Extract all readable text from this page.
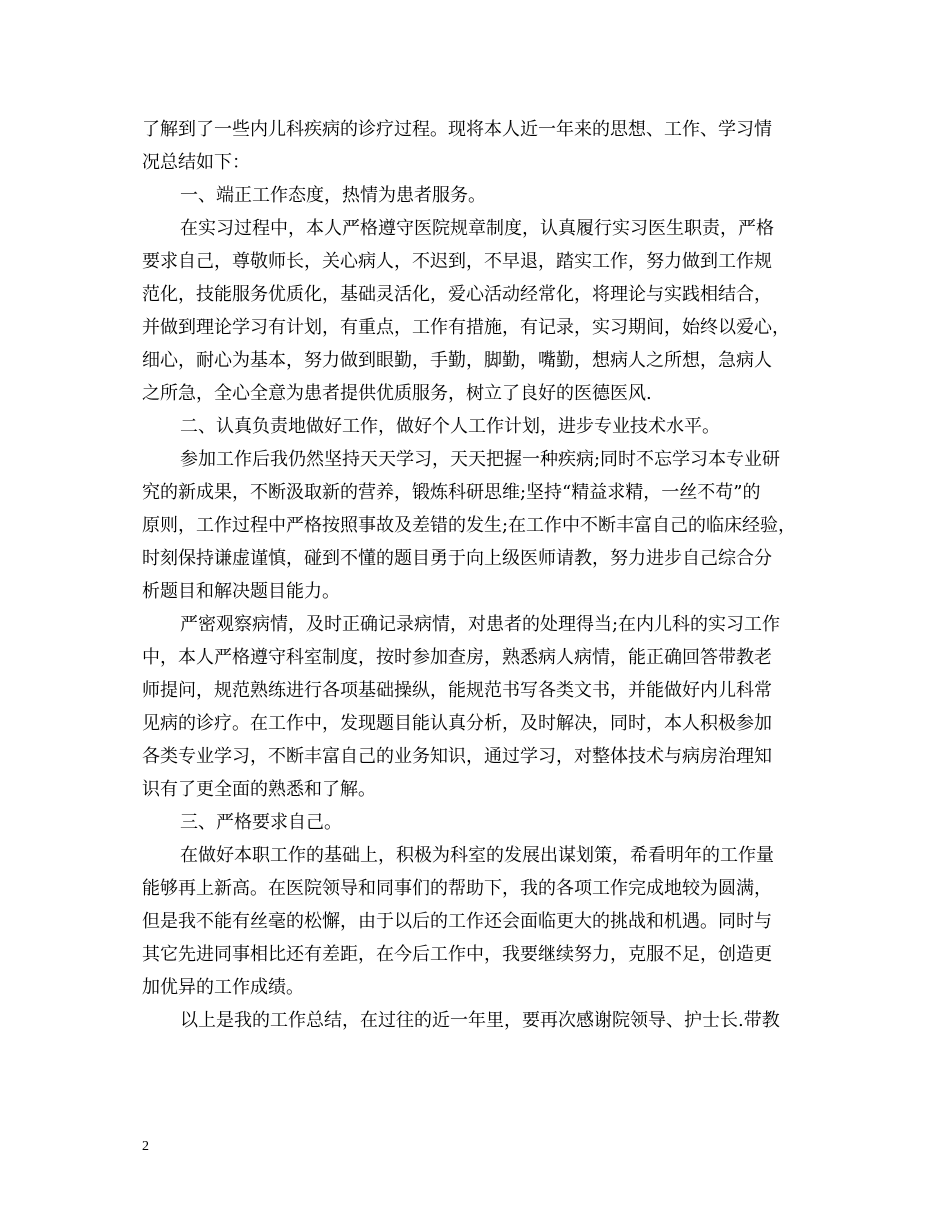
了解到了一些内儿科疾病的诊疗过程。现将本人近一年来的思想、工作、学习情
况总结如下：
一、端正工作态度，热情为患者服务。
在实习过程中，本人严格遵守医院规章制度，认真履行实习医生职责，严格
要求自己，尊敬师长，关心病人，不迟到，不早退，踏实工作，努力做到工作规
范化，技能服务优质化，基础灵活化，爱心活动经常化，将理论与实践相结合，
并做到理论学习有计划，有重点，工作有措施，有记录，实习期间，始终以爱心，
细心，耐心为基本，努力做到眼勤，手勤，脚勤，嘴勤，想病人之所想，急病人
之所急，全心全意为患者提供优质服务，树立了良好的医德医风.
二、认真负责地做好工作，做好个人工作计划，进步专业技术水平。
参加工作后我仍然坚持天天学习，天天把握一种疾病;同时不忘学习本专业研
究的新成果，不断汲取新的营养，锻炼科研思维;坚持“精益求精，一丝不苟”的
原则，工作过程中严格按照事故及差错的发生;在工作中不断丰富自己的临床经验，
时刻保持谦虚谨慎，碰到不懂的题目勇于向上级医师请教，努力进步自己综合分
析题目和解决题目能力。
严密观察病情，及时正确记录病情，对患者的处理得当;在内儿科的实习工作
中，本人严格遵守科室制度，按时参加查房，熟悉病人病情，能正确回答带教老
师提问，规范熟练进行各项基础操纵，能规范书写各类文书，并能做好内儿科常
见病的诊疗。在工作中，发现题目能认真分析，及时解决，同时，本人积极参加
各类专业学习，不断丰富自己的业务知识，通过学习，对整体技术与病房治理知
识有了更全面的熟悉和了解。
三、严格要求自己。
在做好本职工作的基础上，积极为科室的发展出谋划策，希看明年的工作量
能够再上新高。在医院领导和同事们的帮助下，我的各项工作完成地较为圆满，
但是我不能有丝毫的松懈，由于以后的工作还会面临更大的挑战和机遇。同时与
其它先进同事相比还有差距，在今后工作中，我要继续努力，克服不足，创造更
加优异的工作成绩。
以上是我的工作总结，在过往的近一年里，要再次感谢院领导、护士长.带教
2
